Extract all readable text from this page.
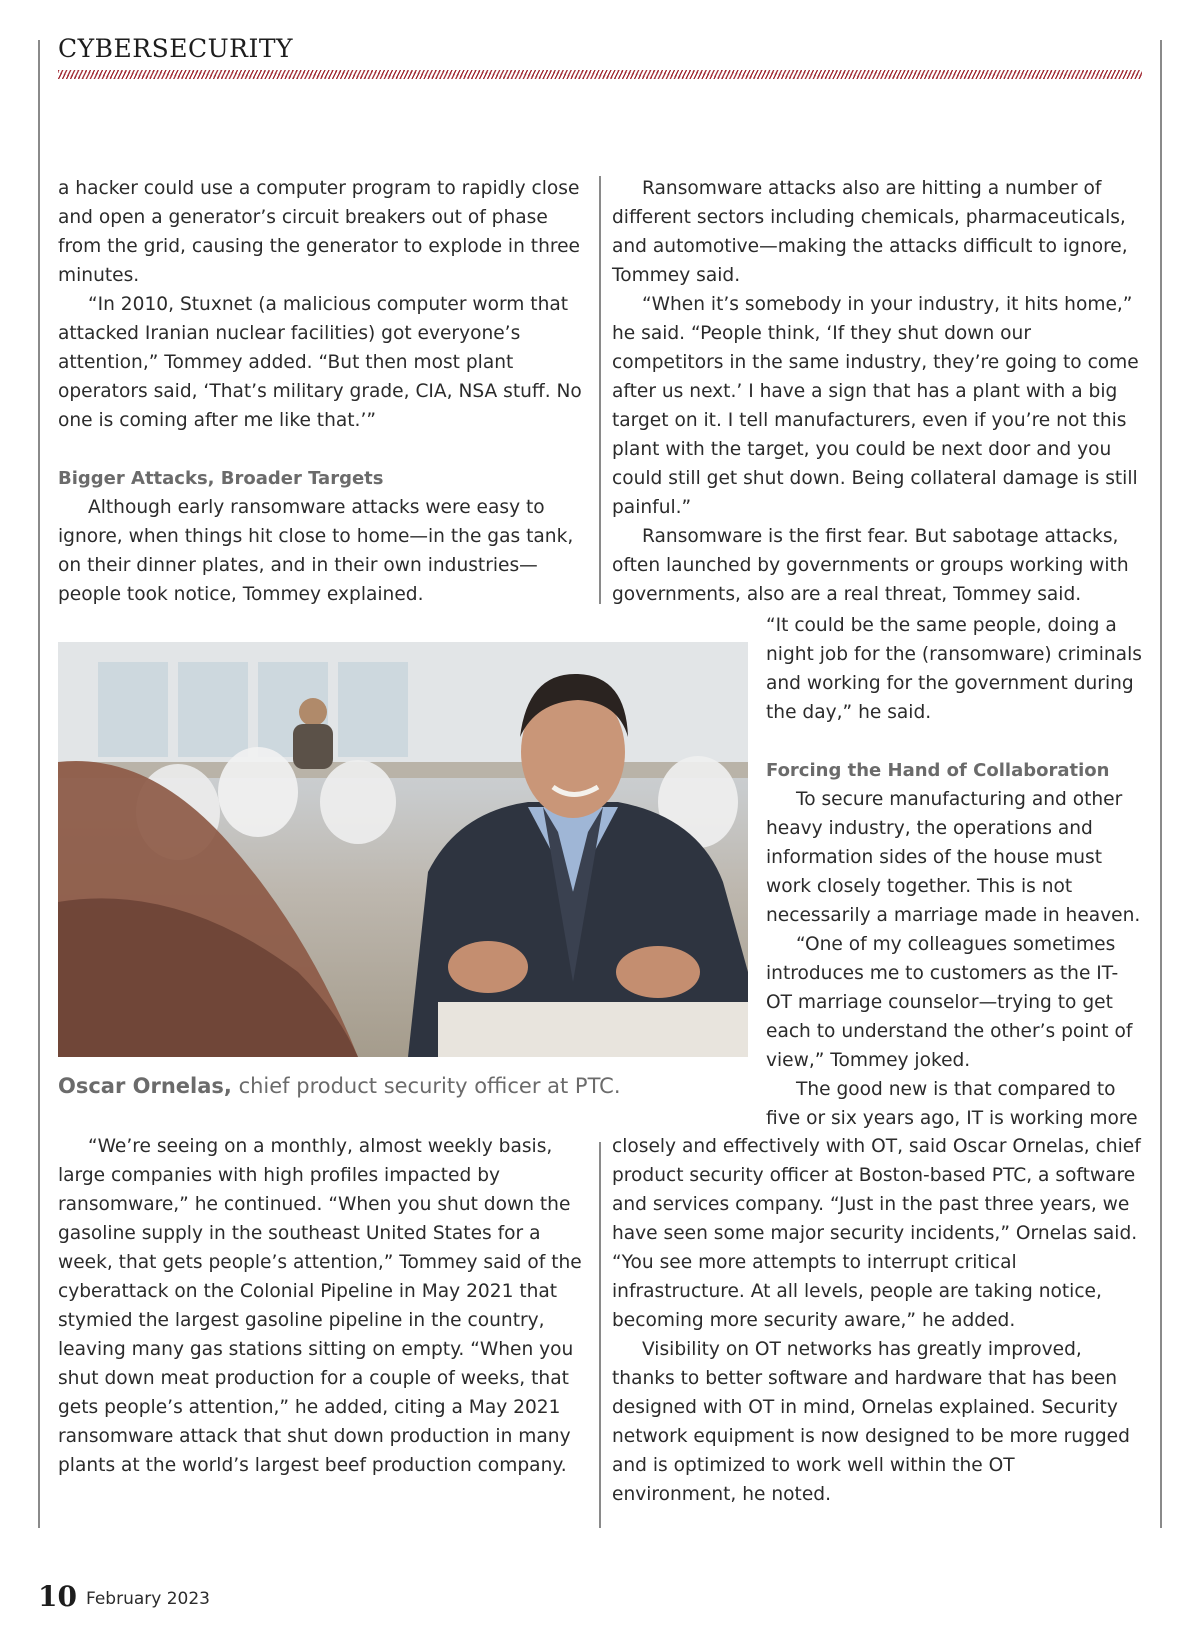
CYBERSECURITY

a hacker could use a computer program to rapidly close and open a generator’s circuit breakers out of phase from the grid, causing the generator to explode in three minutes.

“In 2010, Stuxnet (a malicious computer worm that attacked Iranian nuclear facilities) got everyone’s attention,” Tommey added. “But then most plant operators said, ‘That’s military grade, CIA, NSA stuff. No one is coming after me like that.’”

Bigger Attacks, Broader Targets

Although early ransomware attacks were easy to ignore, when things hit close to home—in the gas tank, on their dinner plates, and in their own industries—people took notice, Tommey explained.

Ransomware attacks also are hitting a number of different sectors including chemicals, pharmaceuticals, and automotive—making the attacks difficult to ignore, Tommey said.

“When it’s somebody in your industry, it hits home,” he said. “People think, ‘If they shut down our competitors in the same industry, they’re going to come after us next.’ I have a sign that has a plant with a big target on it. I tell manufacturers, even if you’re not this plant with the target, you could be next door and you could still get shut down. Being collateral damage is still painful.”

Ransomware is the first fear. But sabotage attacks, often launched by governments or groups working with governments, also are a real threat, Tommey said.

“It could be the same people, doing a night job for the (ransomware) criminals and working for the government during the day,” he said.

Forcing the Hand of Collaboration

To secure manufacturing and other heavy industry, the operations and information sides of the house must work closely together. This is not necessarily a marriage made in heaven.

“One of my colleagues sometimes introduces me to customers as the IT-OT marriage counselor—trying to get each to understand the other’s point of view,” Tommey joked.

The good new is that compared to five or six years ago, IT is working more

Oscar Ornelas, chief product security officer at PTC.

“We’re seeing on a monthly, almost weekly basis, large companies with high profiles impacted by ransomware,” he continued. “When you shut down the gasoline supply in the southeast United States for a week, that gets people’s attention,” Tommey said of the cyberattack on the Colonial Pipeline in May 2021 that stymied the largest gasoline pipeline in the country, leaving many gas stations sitting on empty. “When you shut down meat production for a couple of weeks, that gets people’s attention,” he added, citing a May 2021 ransomware attack that shut down production in many plants at the world’s largest beef production company.

closely and effectively with OT, said Oscar Ornelas, chief product security officer at Boston-based PTC, a software and services company. “Just in the past three years, we have seen some major security incidents,” Ornelas said. “You see more attempts to interrupt critical infrastructure. At all levels, people are taking notice, becoming more security aware,” he added.

Visibility on OT networks has greatly improved, thanks to better software and hardware that has been designed with OT in mind, Ornelas explained. Security network equipment is now designed to be more rugged and is optimized to work well within the OT environment, he noted.

10 February 2023
